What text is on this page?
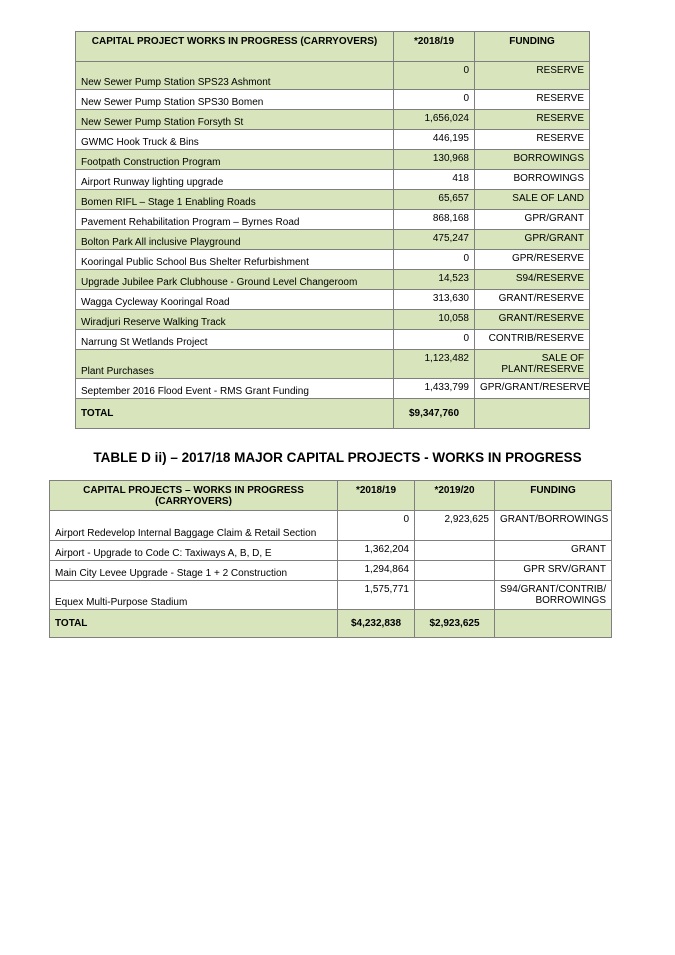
CAPITAL PROJECT WORKS IN PROGRESS (CARRYOVERS)	*2018/19	FUNDING
New Sewer Pump Station SPS23 Ashmont	0	RESERVE
New Sewer Pump Station SPS30 Bomen	0	RESERVE
New Sewer Pump Station Forsyth St	1,656,024	RESERVE
GWMC Hook Truck & Bins	446,195	RESERVE
Footpath Construction Program	130,968	BORROWINGS
Airport Runway lighting upgrade	418	BORROWINGS
Bomen RIFL – Stage 1 Enabling Roads	65,657	SALE OF LAND
Pavement Rehabilitation Program – Byrnes Road	868,168	GPR/GRANT
Bolton Park All inclusive Playground	475,247	GPR/GRANT
Kooringal Public School Bus Shelter Refurbishment	0	GPR/RESERVE
Upgrade Jubilee Park Clubhouse - Ground Level Changeroom	14,523	S94/RESERVE
Wagga Cycleway Kooringal Road	313,630	GRANT/RESERVE
Wiradjuri Reserve Walking Track	10,058	GRANT/RESERVE
Narrung St Wetlands Project	0	CONTRIB/RESERVE
Plant Purchases	1,123,482	SALE OF PLANT/RESERVE
September 2016 Flood Event - RMS Grant Funding	1,433,799	GPR/GRANT/RESERVE
TOTAL	$9,347,760	
TABLE D ii) – 2017/18 MAJOR CAPITAL PROJECTS - WORKS IN PROGRESS
CAPITAL PROJECTS – WORKS IN PROGRESS (CARRYOVERS)	*2018/19	*2019/20	FUNDING
Airport Redevelop Internal Baggage Claim & Retail Section	0	2,923,625	GRANT/BORROWINGS
Airport - Upgrade to Code C: Taxiways A, B, D, E	1,362,204		GRANT
Main City Levee Upgrade - Stage 1 + 2 Construction	1,294,864		GPR SRV/GRANT
Equex Multi-Purpose Stadium	1,575,771		S94/GRANT/CONTRIB/ BORROWINGS
TOTAL	$4,232,838	$2,923,625	
